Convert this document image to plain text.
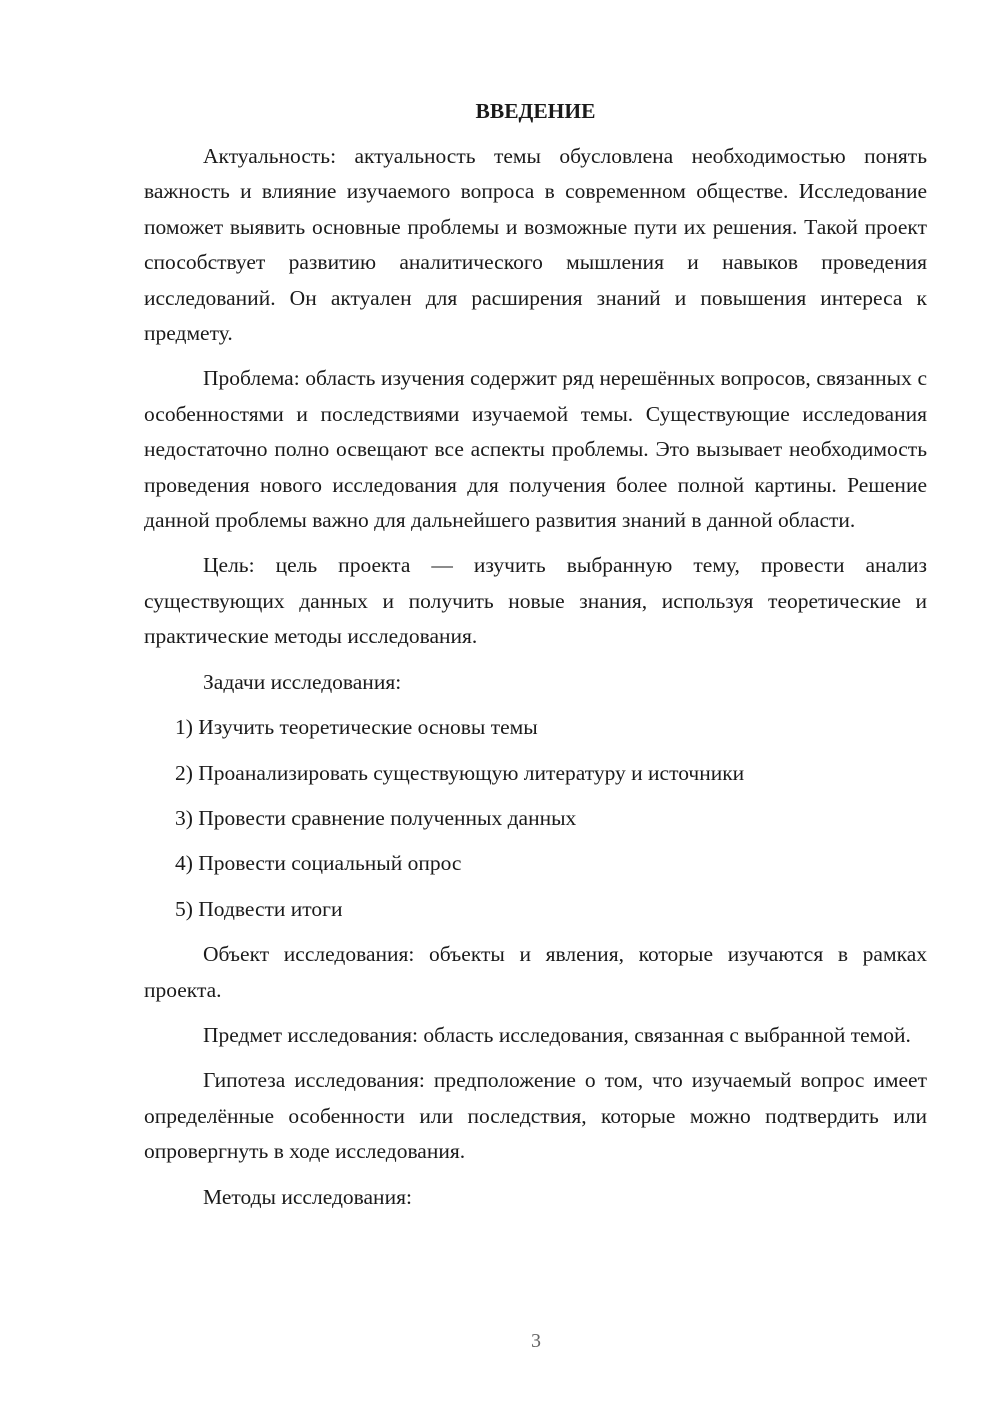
ВВЕДЕНИЕ

Актуальность: актуальность темы обусловлена необходимостью понять важность и влияние изучаемого вопроса в современном обществе. Исследование поможет выявить основные проблемы и возможные пути их решения. Такой проект способствует развитию аналитического мышления и навыков проведения исследований. Он актуален для расширения знаний и повышения интереса к предмету.

Проблема: область изучения содержит ряд нерешённых вопросов, связанных с особенностями и последствиями изучаемой темы. Существующие исследования недостаточно полно освещают все аспекты проблемы. Это вызывает необходимость проведения нового исследования для получения более полной картины. Решение данной проблемы важно для дальнейшего развития знаний в данной области.

Цель: цель проекта — изучить выбранную тему, провести анализ существующих данных и получить новые знания, используя теоретические и практические методы исследования.

Задачи исследования:

1) Изучить теоретические основы темы
2) Проанализировать существующую литературу и источники
3) Провести сравнение полученных данных
4) Провести социальный опрос
5) Подвести итоги

Объект исследования: объекты и явления, которые изучаются в рамках проекта.

Предмет исследования: область исследования, связанная с выбранной темой.

Гипотеза исследования: предположение о том, что изучаемый вопрос имеет определённые особенности или последствия, которые можно подтвердить или опровергнуть в ходе исследования.

Методы исследования:

3
